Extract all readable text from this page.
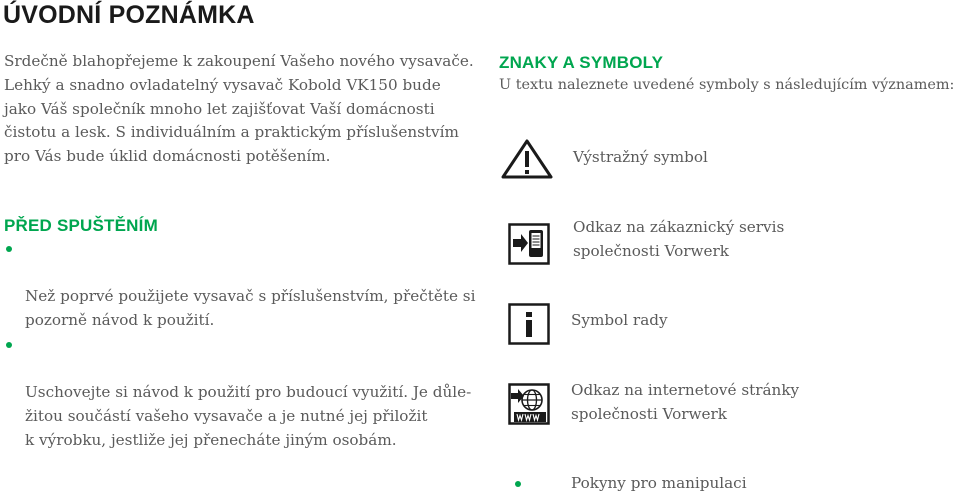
ÚVODNÍ POZNÁMKA

Srdečně blahopřejeme k zakoupení Vašeho nového vysavače.
Lehký a snadno ovladatelný vysavač Kobold VK150 bude
jako Váš společník mnoho let zajišťovat Vaší domácnosti
čistotu a lesk. S individuálním a praktickým příslušenstvím
pro Vás bude úklid domácnosti potěšením.

ZNAKY A SYMBOLY

U textu naleznete uvedené symboly s následujícím významem:

PŘED SPUŠTĚNÍM

Než poprvé použijete vysavač s příslušenstvím, přečtěte si
pozorně návod k použití.

Uschovejte si návod k použití pro budoucí využití. Je důle-
žitou součástí vašeho vysavače a je nutné jej přiložit
k výrobku, jestliže jej přenecháte jiným osobám.

Výstražný symbol

Odkaz na zákaznický servis
společnosti Vorwerk

Symbol rady

Odkaz na internetové stránky
společnosti Vorwerk

Pokyny pro manipulaci
